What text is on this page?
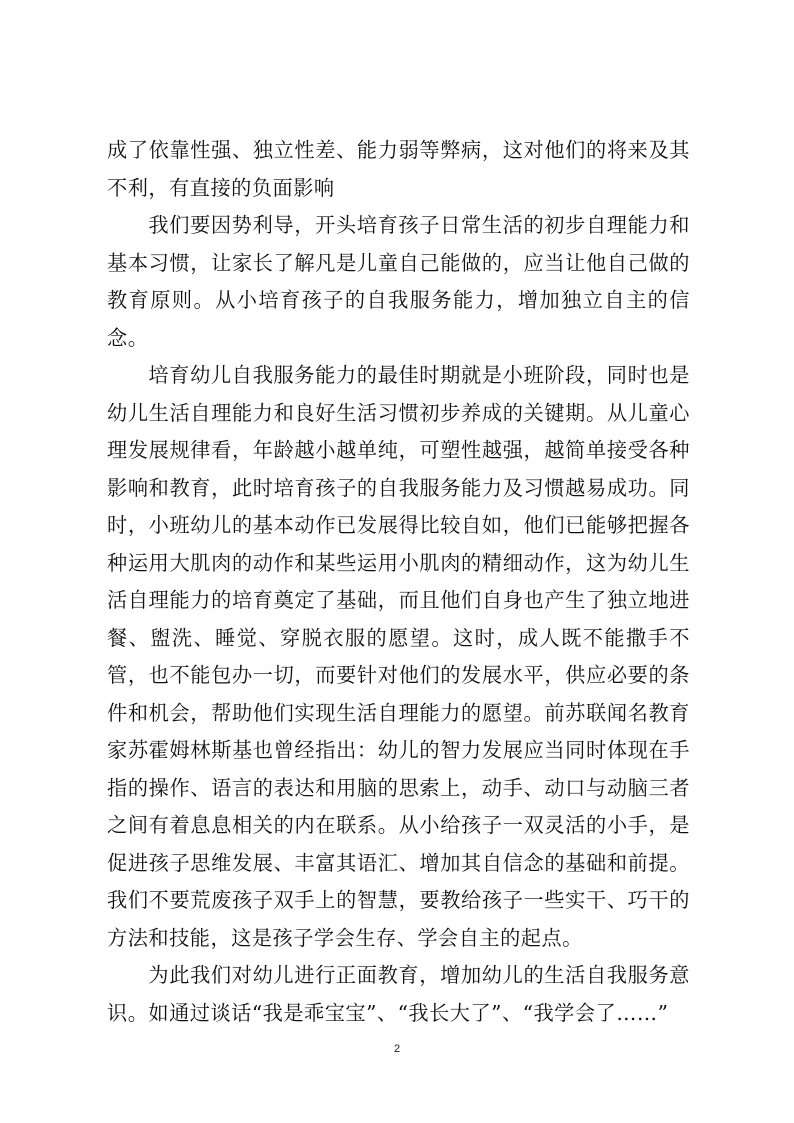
成了依靠性强、独立性差、能力弱等弊病，这对他们的将来及其不利，有直接的负面影响

我们要因势利导，开头培育孩子日常生活的初步自理能力和基本习惯，让家长了解凡是儿童自己能做的，应当让他自己做的教育原则。从小培育孩子的自我服务能力，增加独立自主的信念。

培育幼儿自我服务能力的最佳时期就是小班阶段，同时也是幼儿生活自理能力和良好生活习惯初步养成的关键期。从儿童心理发展规律看，年龄越小越单纯，可塑性越强，越简单接受各种影响和教育，此时培育孩子的自我服务能力及习惯越易成功。同时，小班幼儿的基本动作已发展得比较自如，他们已能够把握各种运用大肌肉的动作和某些运用小肌肉的精细动作，这为幼儿生活自理能力的培育奠定了基础，而且他们自身也产生了独立地进餐、盥洗、睡觉、穿脱衣服的愿望。这时，成人既不能撒手不管，也不能包办一切，而要针对他们的发展水平，供应必要的条件和机会，帮助他们实现生活自理能力的愿望。前苏联闻名教育家苏霍姆林斯基也曾经指出：幼儿的智力发展应当同时体现在手指的操作、语言的表达和用脑的思索上，动手、动口与动脑三者之间有着息息相关的内在联系。从小给孩子一双灵活的小手，是促进孩子思维发展、丰富其语汇、增加其自信念的基础和前提。我们不要荒废孩子双手上的智慧，要教给孩子一些实干、巧干的方法和技能，这是孩子学会生存、学会自主的起点。

为此我们对幼儿进行正面教育，增加幼儿的生活自我服务意识。如通过谈话“我是乖宝宝”、“我长大了”、“我学会了……”

2
